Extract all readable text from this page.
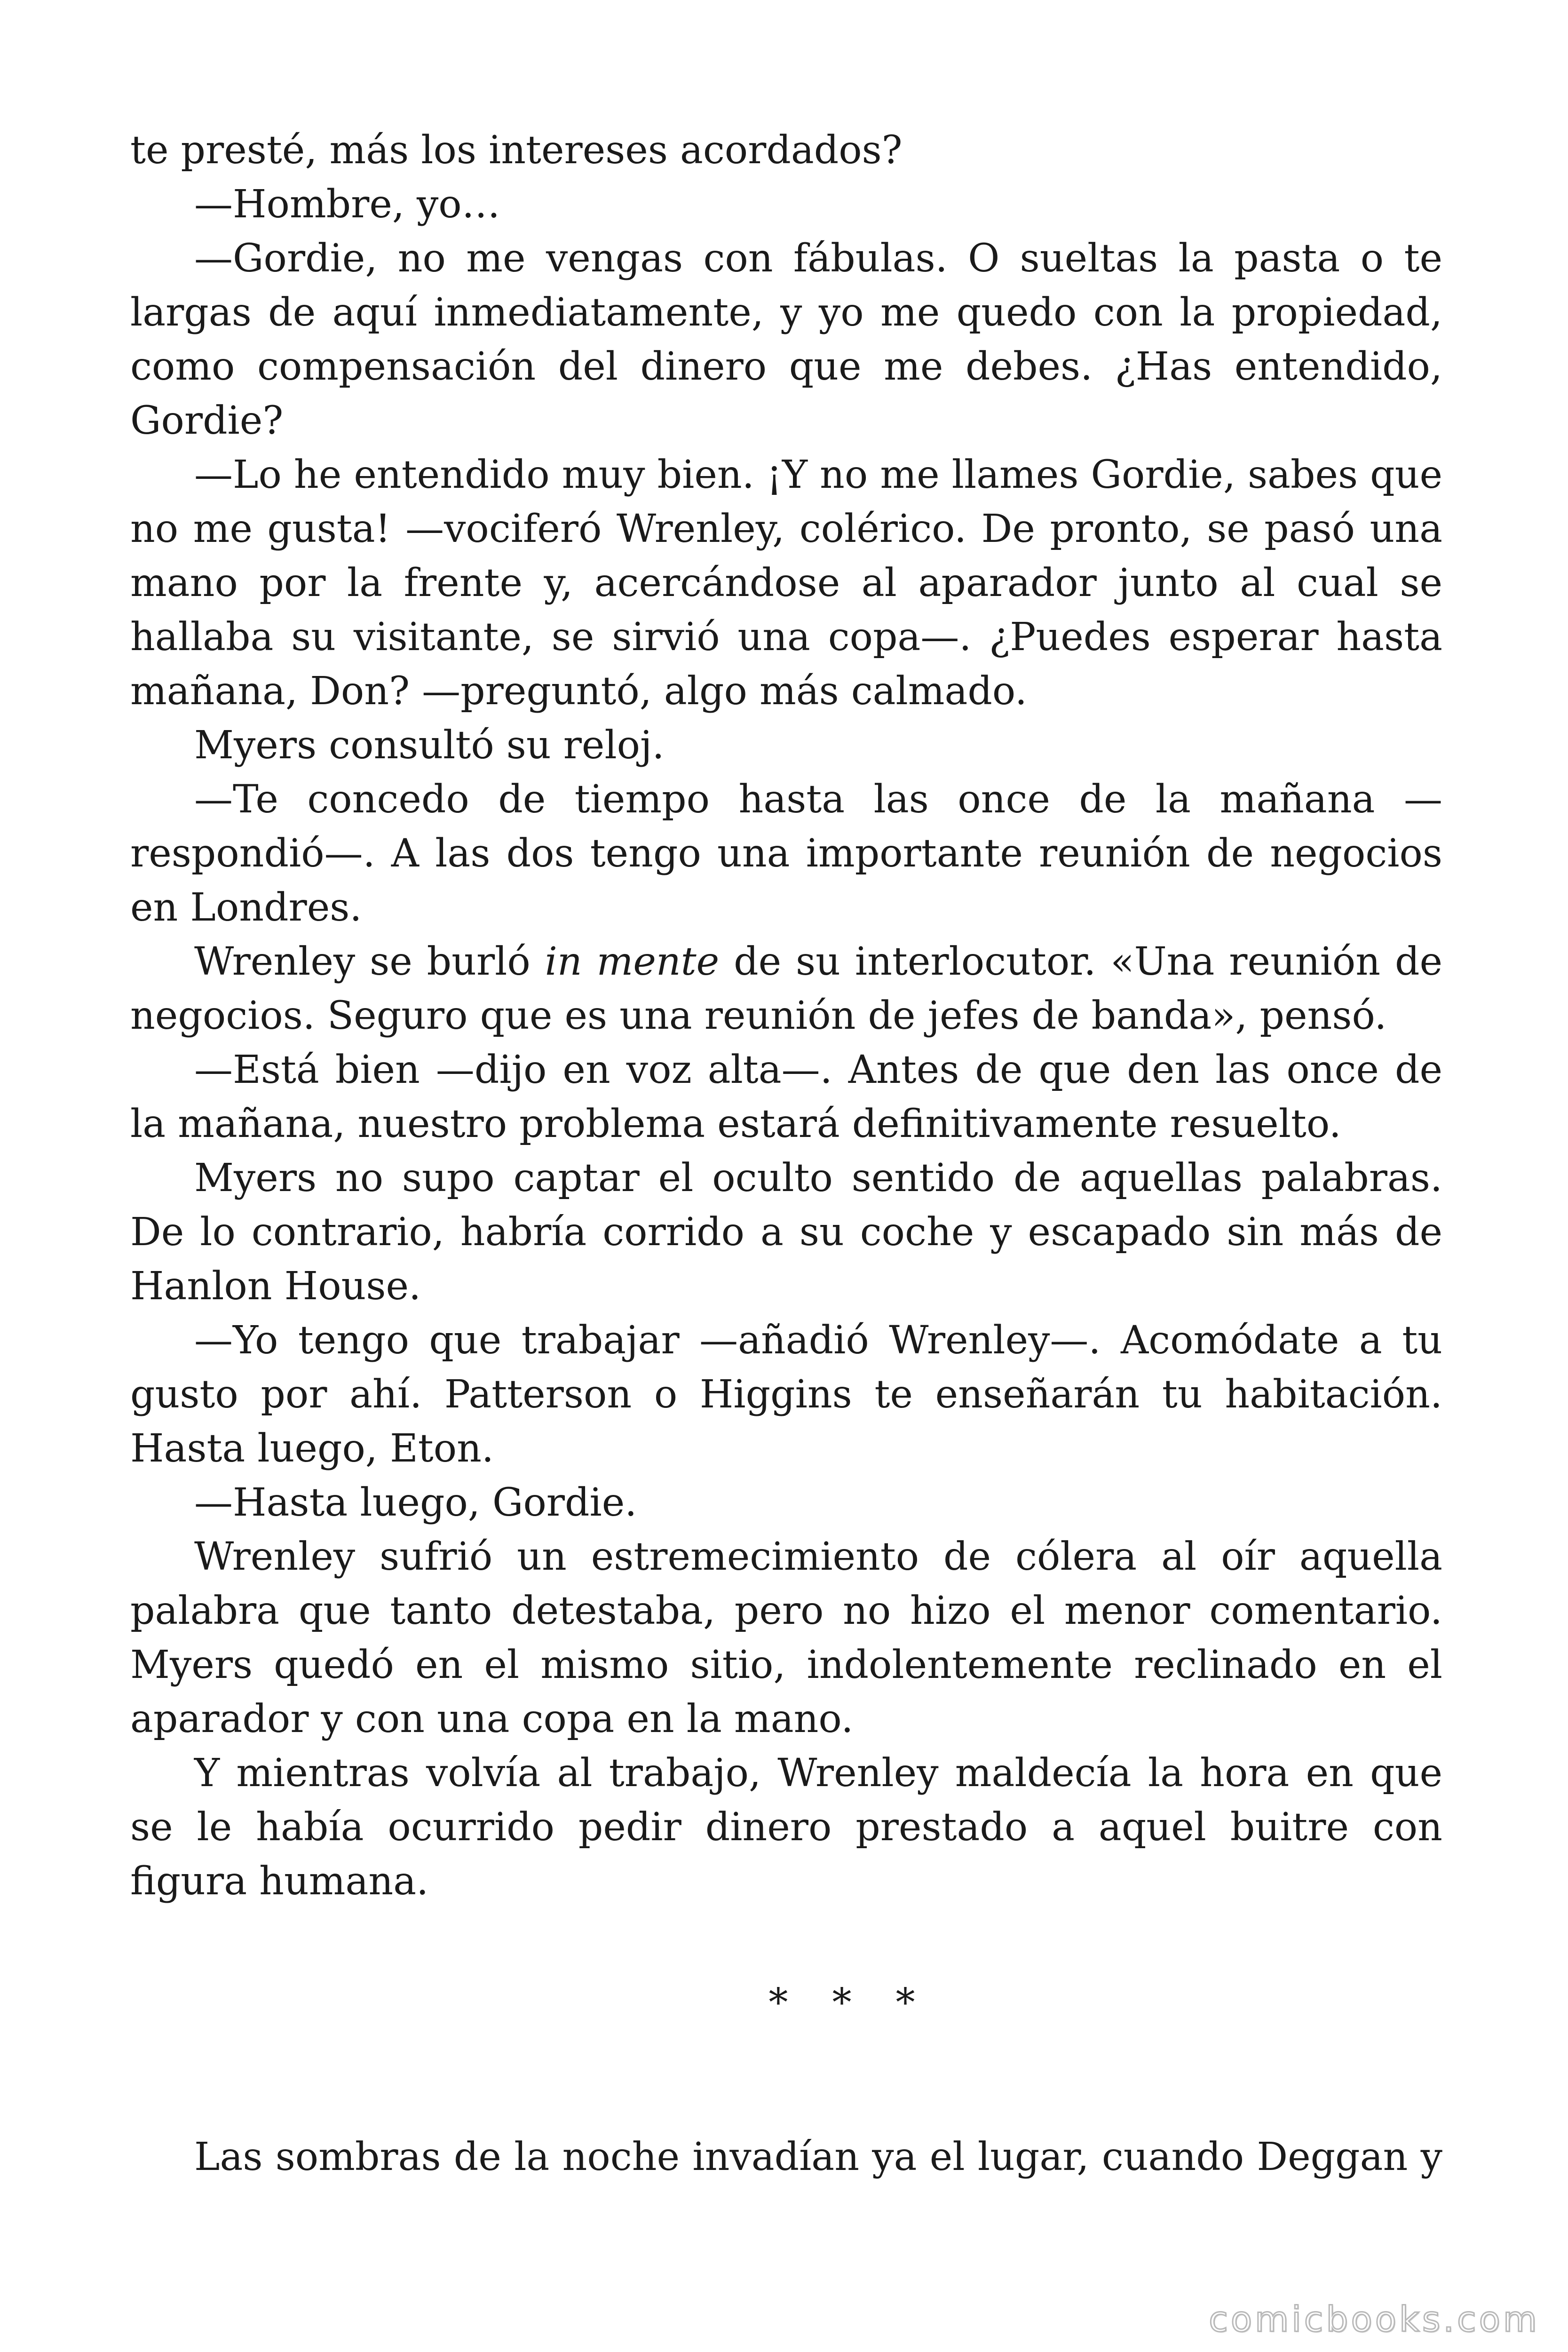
te presté, más los intereses acordados?

—Hombre, yo…

—Gordie, no me vengas con fábulas. O sueltas la pasta o te largas de aquí inmediatamente, y yo me quedo con la propiedad, como compensación del dinero que me debes. ¿Has entendido, Gordie?

—Lo he entendido muy bien. ¡Y no me llames Gordie, sabes que no me gusta! —vociferó Wrenley, colérico. De pronto, se pasó una mano por la frente y, acercándose al aparador junto al cual se hallaba su visitante, se sirvió una copa—. ¿Puedes esperar hasta mañana, Don? —preguntó, algo más calmado.

Myers consultó su reloj.

—Te concedo de tiempo hasta las once de la mañana —respondió—. A las dos tengo una importante reunión de negocios en Londres.

Wrenley se burló in mente de su interlocutor. «Una reunión de negocios. Seguro que es una reunión de jefes de banda», pensó.

—Está bien —dijo en voz alta—. Antes de que den las once de la mañana, nuestro problema estará definitivamente resuelto.

Myers no supo captar el oculto sentido de aquellas palabras. De lo contrario, habría corrido a su coche y escapado sin más de Hanlon House.

—Yo tengo que trabajar —añadió Wrenley—. Acomódate a tu gusto por ahí. Patterson o Higgins te enseñarán tu habitación. Hasta luego, Eton.

—Hasta luego, Gordie.

Wrenley sufrió un estremecimiento de cólera al oír aquella palabra que tanto detestaba, pero no hizo el menor comentario. Myers quedó en el mismo sitio, indolentemente reclinado en el aparador y con una copa en la mano.

Y mientras volvía al trabajo, Wrenley maldecía la hora en que se le había ocurrido pedir dinero prestado a aquel buitre con figura humana.

* * *

Las sombras de la noche invadían ya el lugar, cuando Deggan y

comicbooks.com
